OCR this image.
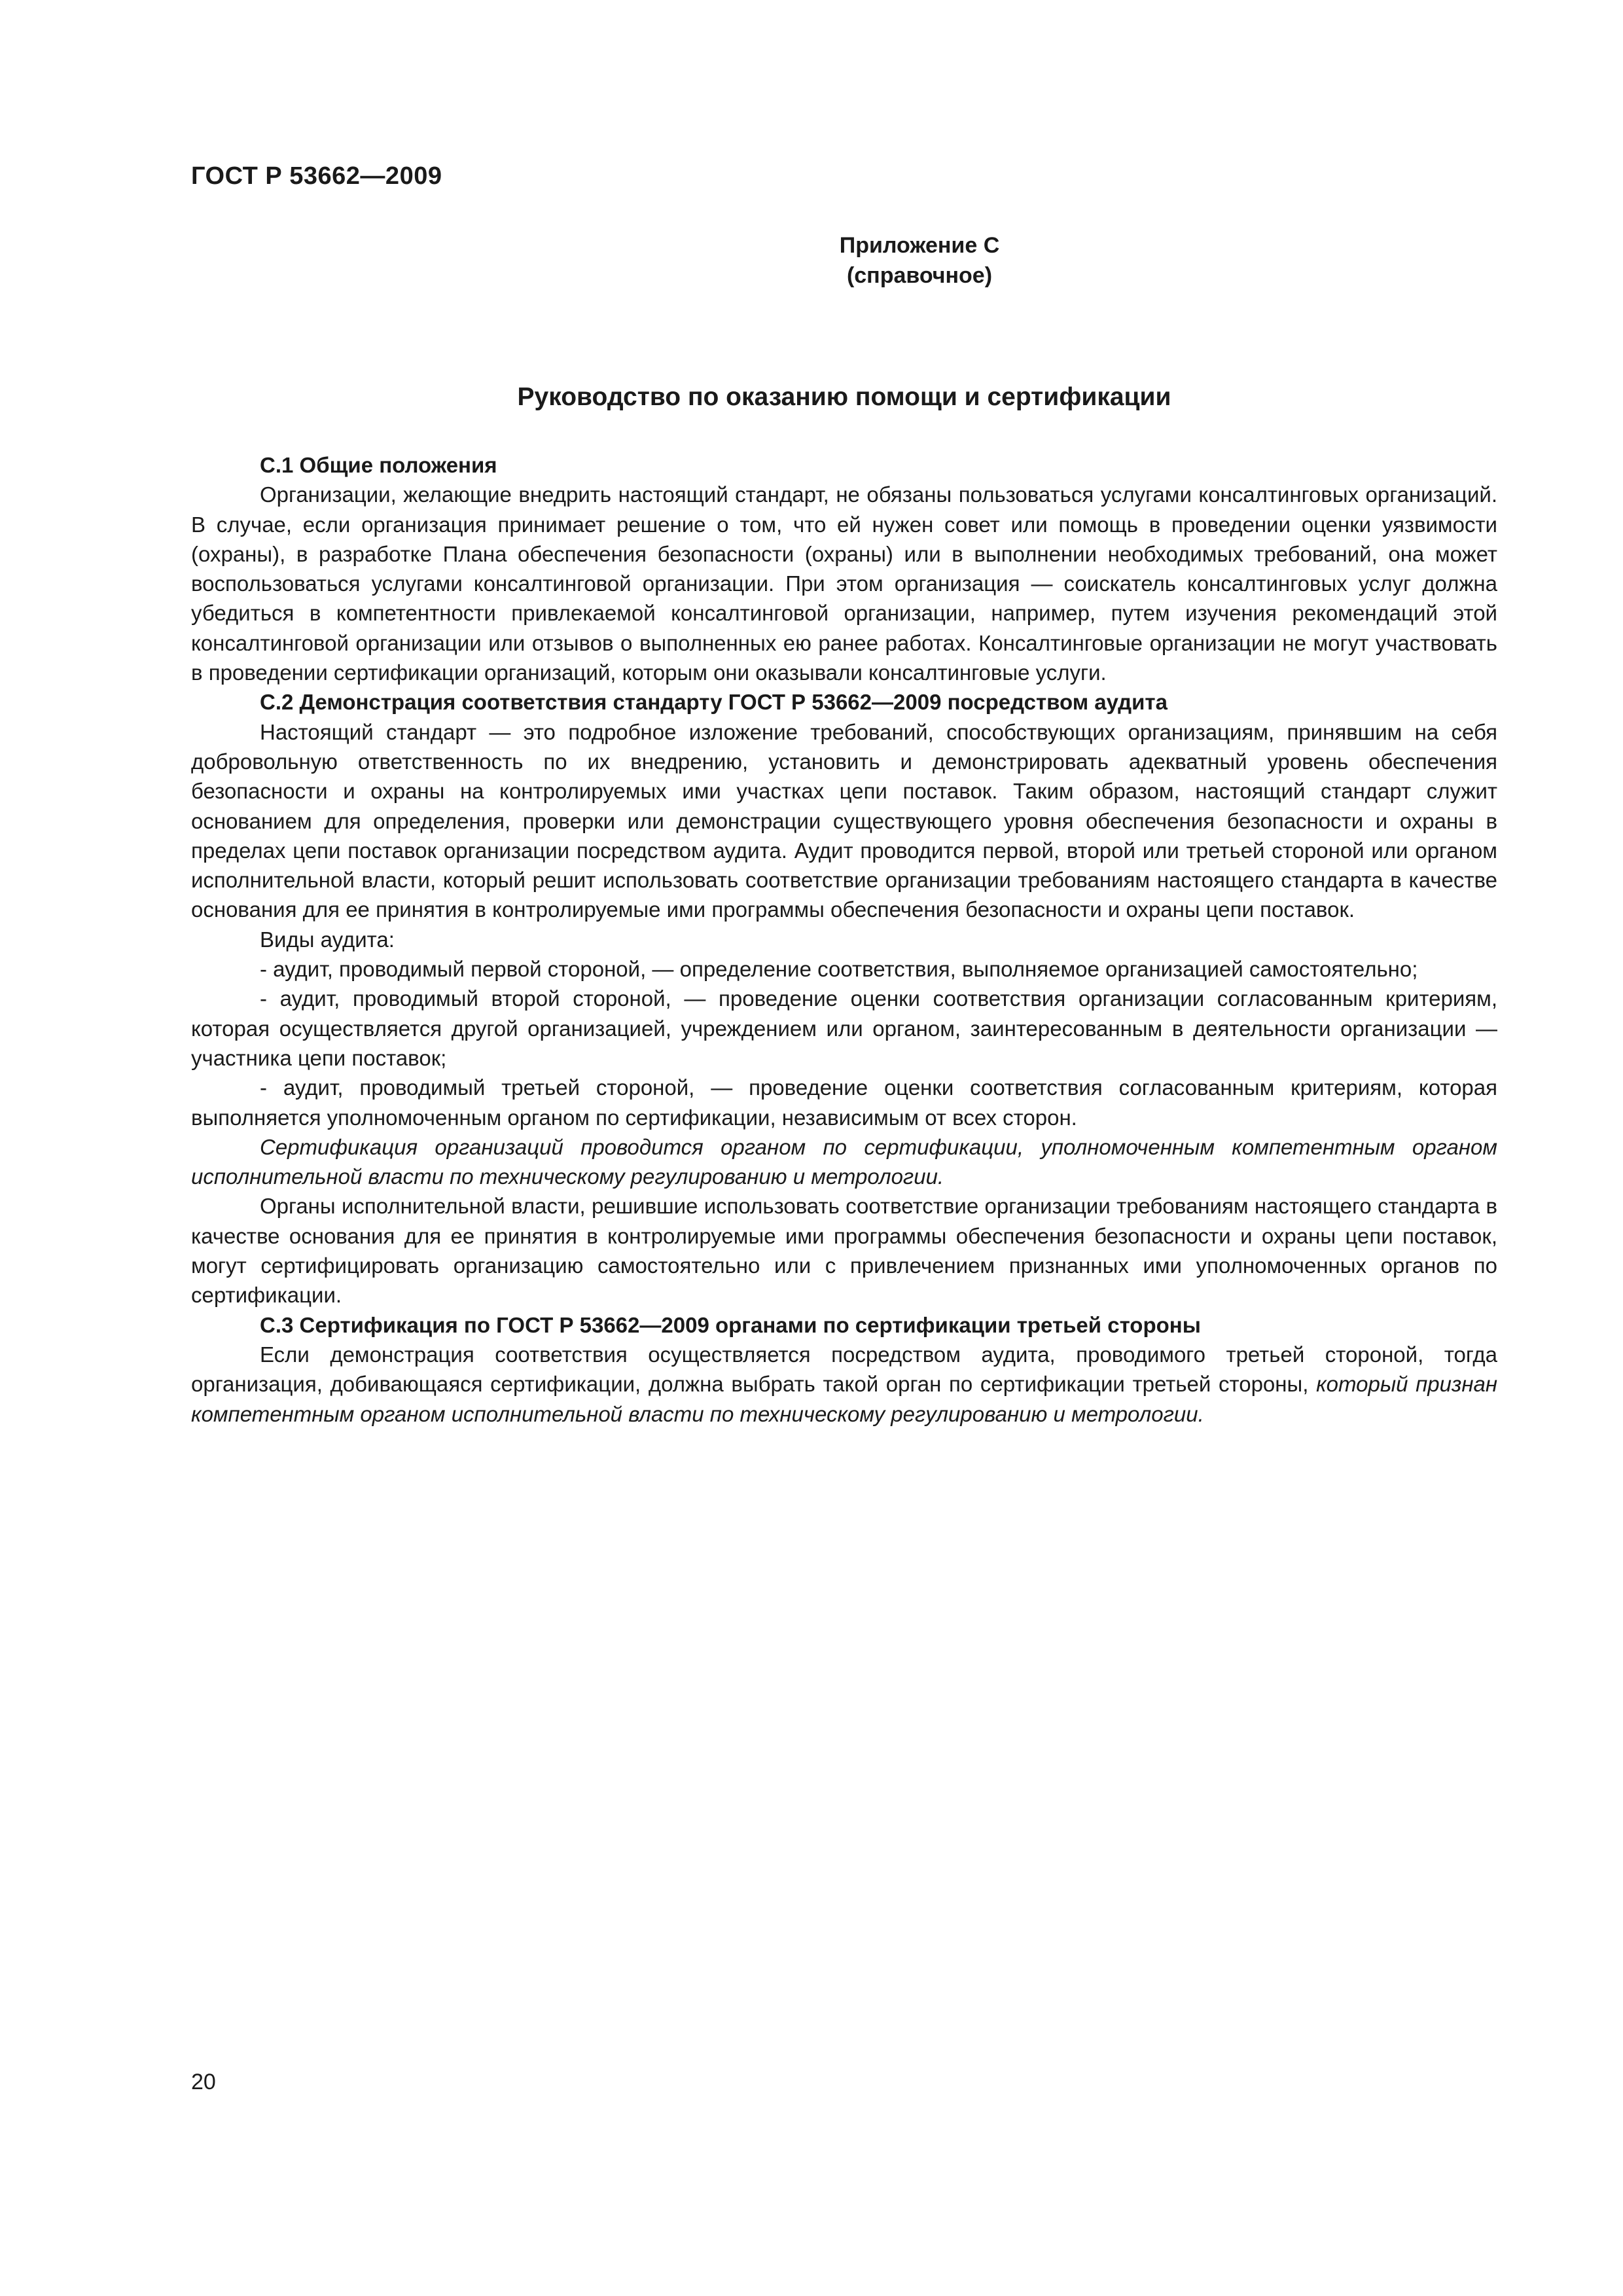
ГОСТ Р 53662—2009
Приложение С
(справочное)
Руководство по оказанию помощи и сертификации

С.1 Общие положения

Организации, желающие внедрить настоящий стандарт, не обязаны пользоваться услугами консалтинговых организаций. В случае, если организация принимает решение о том, что ей нужен совет или помощь в проведении оценки уязвимости (охраны), в разработке Плана обеспечения безопасности (охраны) или в выполнении необходимых требований, она может воспользоваться услугами консалтинговой организации. При этом организация — соискатель консалтинговых услуг должна убедиться в компетентности привлекаемой консалтинговой организации, например, путем изучения рекомендаций этой консалтинговой организации или отзывов о выполненных ею ранее работах. Консалтинговые организации не могут участвовать в проведении сертификации организаций, которым они оказывали консалтинговые услуги.

С.2 Демонстрация соответствия стандарту ГОСТ Р 53662—2009 посредством аудита

Настоящий стандарт — это подробное изложение требований, способствующих организациям, принявшим на себя добровольную ответственность по их внедрению, установить и демонстрировать адекватный уровень обеспечения безопасности и охраны на контролируемых ими участках цепи поставок. Таким образом, настоящий стандарт служит основанием для определения, проверки или демонстрации существующего уровня обеспечения безопасности и охраны в пределах цепи поставок организации посредством аудита. Аудит проводится первой, второй или третьей стороной или органом исполнительной власти, который решит использовать соответствие организации требованиям настоящего стандарта в качестве основания для ее принятия в контролируемые ими программы обеспечения безопасности и охраны цепи поставок.

Виды аудита:

- аудит, проводимый первой стороной, — определение соответствия, выполняемое организацией самостоятельно;

- аудит, проводимый второй стороной, — проведение оценки соответствия организации согласованным критериям, которая осуществляется другой организацией, учреждением или органом, заинтересованным в деятельности организации — участника цепи поставок;

- аудит, проводимый третьей стороной, — проведение оценки соответствия согласованным критериям, которая выполняется уполномоченным органом по сертификации, независимым от всех сторон.

Сертификация организаций проводится органом по сертификации, уполномоченным компетентным органом исполнительной власти по техническому регулированию и метрологии.

Органы исполнительной власти, решившие использовать соответствие организации требованиям настоящего стандарта в качестве основания для ее принятия в контролируемые ими программы обеспечения безопасности и охраны цепи поставок, могут сертифицировать организацию самостоятельно или с привлечением признанных ими уполномоченных органов по сертификации.

С.3 Сертификация по ГОСТ Р 53662—2009 органами по сертификации третьей стороны

Если демонстрация соответствия осуществляется посредством аудита, проводимого третьей стороной, тогда организация, добивающаяся сертификации, должна выбрать такой орган по сертификации третьей стороны, который признан компетентным органом исполнительной власти по техническому регулированию и метрологии.

20
